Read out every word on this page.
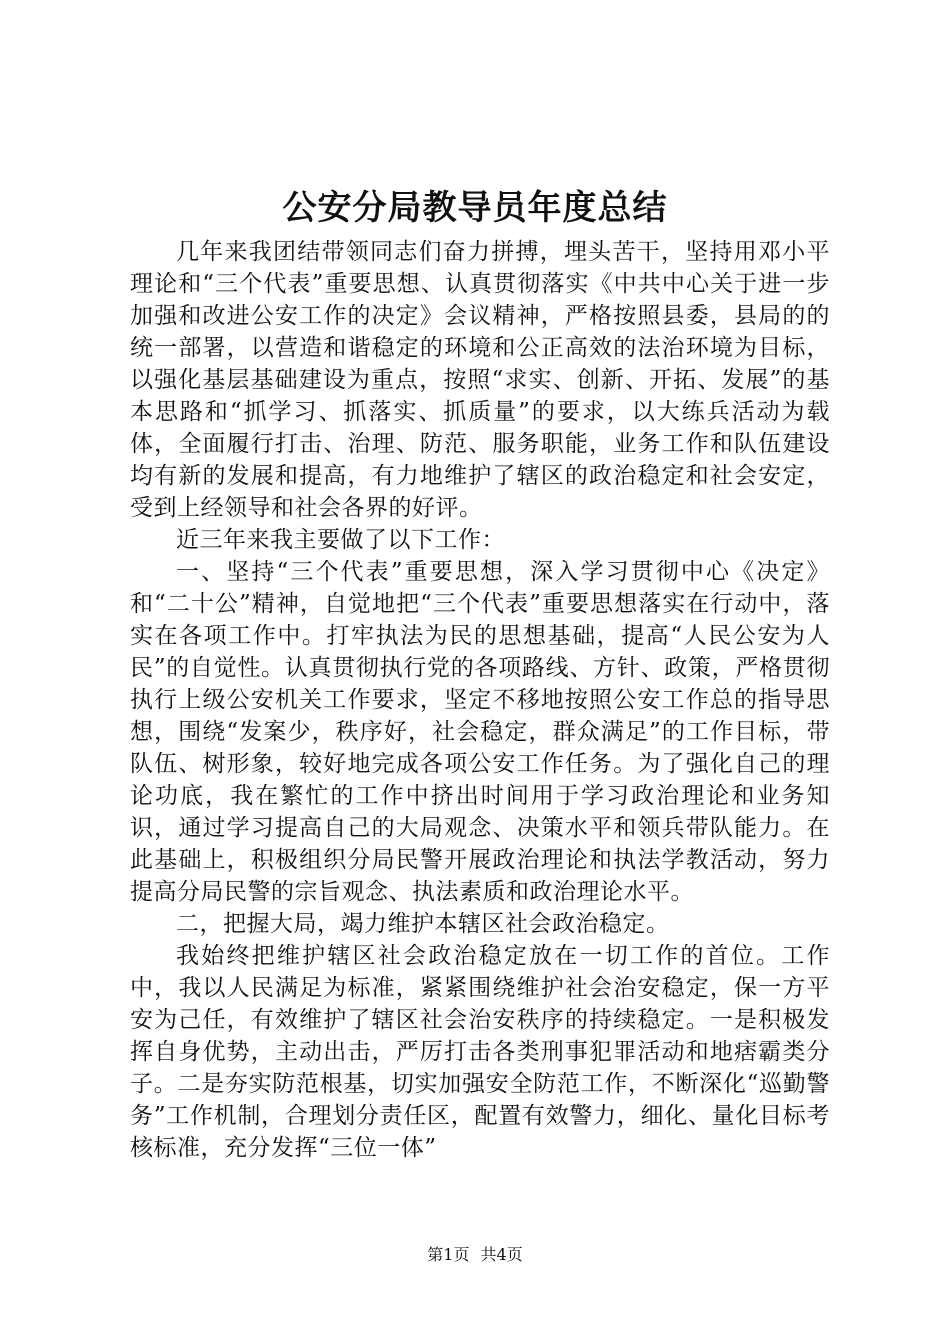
公安分局教导员年度总结

几年来我团结带领同志们奋力拼搏，埋头苦干，坚持用邓小平理论和“三个代表”重要思想、认真贯彻落实《中共中心关于进一步加强和改进公安工作的决定》会议精神，严格按照县委，县局的的统一部署，以营造和谐稳定的环境和公正高效的法治环境为目标，以强化基层基础建设为重点，按照“求实、创新、开拓、发展”的基本思路和“抓学习、抓落实、抓质量”的要求，以大练兵活动为载体，全面履行打击、治理、防范、服务职能，业务工作和队伍建设均有新的发展和提高，有力地维护了辖区的政治稳定和社会安定，受到上经领导和社会各界的好评。

近三年来我主要做了以下工作：

一、坚持“三个代表”重要思想，深入学习贯彻中心《决定》和“二十公”精神，自觉地把“三个代表”重要思想落实在行动中，落实在各项工作中。打牢执法为民的思想基础，提高“人民公安为人民”的自觉性。认真贯彻执行党的各项路线、方针、政策，严格贯彻执行上级公安机关工作要求，坚定不移地按照公安工作总的指导思想，围绕“发案少，秩序好，社会稳定，群众满足”的工作目标，带队伍、树形象，较好地完成各项公安工作任务。为了强化自己的理论功底，我在繁忙的工作中挤出时间用于学习政治理论和业务知识，通过学习提高自己的大局观念、决策水平和领兵带队能力。在此基础上，积极组织分局民警开展政治理论和执法学教活动，努力提高分局民警的宗旨观念、执法素质和政治理论水平。

二，把握大局，竭力维护本辖区社会政治稳定。

我始终把维护辖区社会政治稳定放在一切工作的首位。工作中，我以人民满足为标准，紧紧围绕维护社会治安稳定，保一方平安为己任，有效维护了辖区社会治安秩序的持续稳定。一是积极发挥自身优势，主动出击，严厉打击各类刑事犯罪活动和地痞霸类分子。二是夯实防范根基，切实加强安全防范工作，不断深化“巡勤警务”工作机制，合理划分责任区，配置有效警力，细化、量化目标考核标准，充分发挥“三位一体”

第1页 共4页
